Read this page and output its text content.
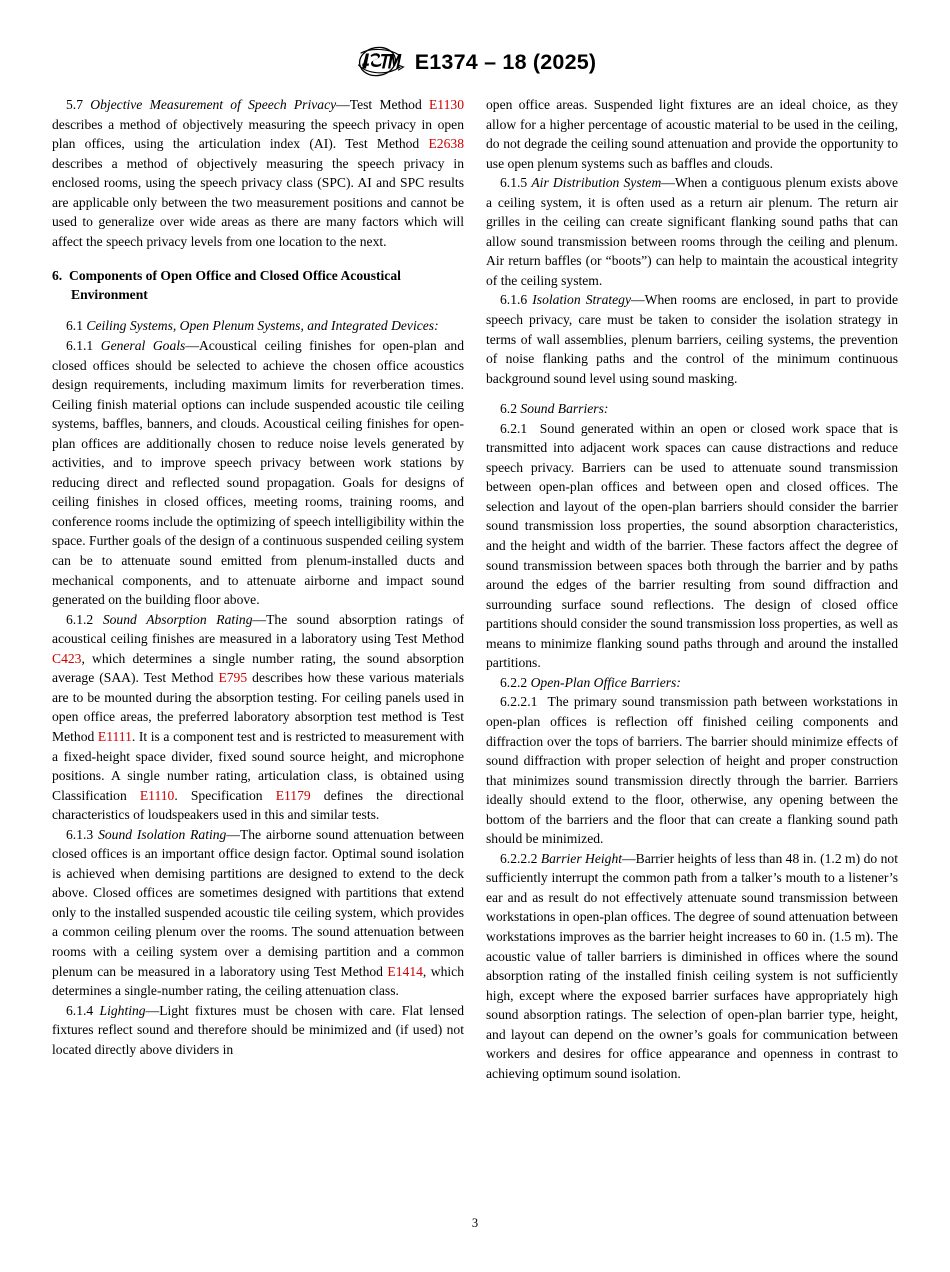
E1374 – 18 (2025)

5.7 Objective Measurement of Speech Privacy—Test Method E1130 describes a method of objectively measuring the speech privacy in open plan offices, using the articulation index (AI). Test Method E2638 describes a method of objectively measuring the speech privacy in enclosed rooms, using the speech privacy class (SPC). AI and SPC results are applicable only between the two measurement positions and cannot be used to generalize over wide areas as there are many factors which will affect the speech privacy levels from one location to the next.

6. Components of Open Office and Closed Office Acoustical Environment

6.1 Ceiling Systems, Open Plenum Systems, and Integrated Devices:

6.1.1 General Goals—Acoustical ceiling finishes for open-plan and closed offices should be selected to achieve the chosen office acoustics design requirements, including maximum limits for reverberation times. Ceiling finish material options can include suspended acoustic tile ceiling systems, baffles, banners, and clouds. Acoustical ceiling finishes for open-plan offices are additionally chosen to reduce noise levels generated by activities, and to improve speech privacy between work stations by reducing direct and reflected sound propagation. Goals for designs of ceiling finishes in closed offices, meeting rooms, training rooms, and conference rooms include the optimizing of speech intelligibility within the space. Further goals of the design of a continuous suspended ceiling system can be to attenuate sound emitted from plenum-installed ducts and mechanical components, and to attenuate airborne and impact sound generated on the building floor above.

6.1.2 Sound Absorption Rating—The sound absorption ratings of acoustical ceiling finishes are measured in a laboratory using Test Method C423, which determines a single number rating, the sound absorption average (SAA). Test Method E795 describes how these various materials are to be mounted during the absorption testing. For ceiling panels used in open office areas, the preferred laboratory absorption test method is Test Method E1111. It is a component test and is restricted to measurement with a fixed-height space divider, fixed sound source height, and microphone positions. A single number rating, articulation class, is obtained using Classification E1110. Specification E1179 defines the directional characteristics of loudspeakers used in this and similar tests.

6.1.3 Sound Isolation Rating—The airborne sound attenuation between closed offices is an important office design factor. Optimal sound isolation is achieved when demising partitions are designed to extend to the deck above. Closed offices are sometimes designed with partitions that extend only to the installed suspended acoustic tile ceiling system, which provides a common ceiling plenum over the rooms. The sound attenuation between rooms with a ceiling system over a demising partition and a common plenum can be measured in a laboratory using Test Method E1414, which determines a single-number rating, the ceiling attenuation class.

6.1.4 Lighting—Light fixtures must be chosen with care. Flat lensed fixtures reflect sound and therefore should be minimized and (if used) not located directly above dividers in

open office areas. Suspended light fixtures are an ideal choice, as they allow for a higher percentage of acoustic material to be used in the ceiling, do not degrade the ceiling sound attenuation and provide the opportunity to use open plenum systems such as baffles and clouds.

6.1.5 Air Distribution System—When a contiguous plenum exists above a ceiling system, it is often used as a return air plenum. The return air grilles in the ceiling can create significant flanking sound paths that can allow sound transmission between rooms through the ceiling and plenum. Air return baffles (or “boots”) can help to maintain the acoustical integrity of the ceiling system.

6.1.6 Isolation Strategy—When rooms are enclosed, in part to provide speech privacy, care must be taken to consider the isolation strategy in terms of wall assemblies, plenum barriers, ceiling systems, the prevention of noise flanking paths and the control of the minimum continuous background sound level using sound masking.

6.2 Sound Barriers:

6.2.1 Sound generated within an open or closed work space that is transmitted into adjacent work spaces can cause distractions and reduce speech privacy. Barriers can be used to attenuate sound transmission between open-plan offices and between open and closed offices. The selection and layout of the open-plan barriers should consider the barrier sound transmission loss properties, the sound absorption characteristics, and the height and width of the barrier. These factors affect the degree of sound transmission between spaces both through the barrier and by paths around the edges of the barrier resulting from sound diffraction and surrounding surface sound reflections. The design of closed office partitions should consider the sound transmission loss properties, as well as means to minimize flanking sound paths through and around the installed partitions.

6.2.2 Open-Plan Office Barriers:

6.2.2.1 The primary sound transmission path between workstations in open-plan offices is reflection off finished ceiling components and diffraction over the tops of barriers. The barrier should minimize effects of sound diffraction with proper selection of height and proper construction that minimizes sound transmission directly through the barrier. Barriers ideally should extend to the floor, otherwise, any opening between the bottom of the barriers and the floor that can create a flanking sound path should be minimized.

6.2.2.2 Barrier Height—Barrier heights of less than 48 in. (1.2 m) do not sufficiently interrupt the common path from a talker’s mouth to a listener’s ear and as result do not effectively attenuate sound transmission between workstations in open-plan offices. The degree of sound attenuation between workstations improves as the barrier height increases to 60 in. (1.5 m). The acoustic value of taller barriers is diminished in offices where the sound absorption rating of the installed finish ceiling system is not sufficiently high, except where the exposed barrier surfaces have appropriately high sound absorption ratings. The selection of open-plan barrier type, height, and layout can depend on the owner’s goals for communication between workers and desires for office appearance and openness in contrast to achieving optimum sound isolation.

3
